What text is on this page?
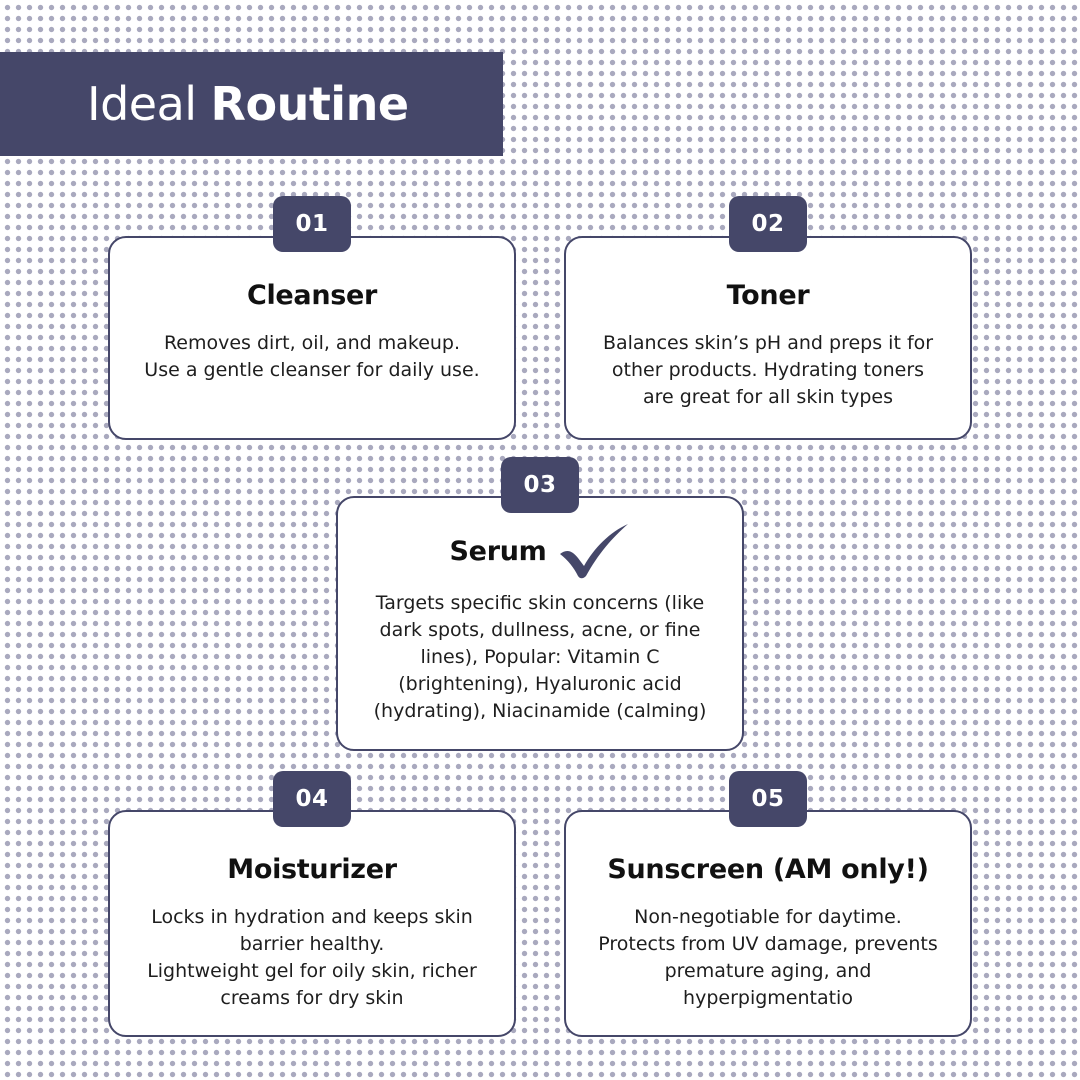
Ideal Routine
Cleanser
Removes dirt, oil, and makeup.
Use a gentle cleanser for daily use.
01
Toner
Balances skin’s pH and preps it for
other products. Hydrating toners
are great for all skin types
02
Serum
Targets specific skin concerns (like
dark spots, dullness, acne, or fine
lines), Popular: Vitamin C
(brightening), Hyaluronic acid
(hydrating), Niacinamide (calming)
03
Moisturizer
Locks in hydration and keeps skin
barrier healthy.
Lightweight gel for oily skin, richer
creams for dry skin
04
Sunscreen (AM only!)
Non-negotiable for daytime.
Protects from UV damage, prevents
premature aging, and
hyperpigmentatio
05
